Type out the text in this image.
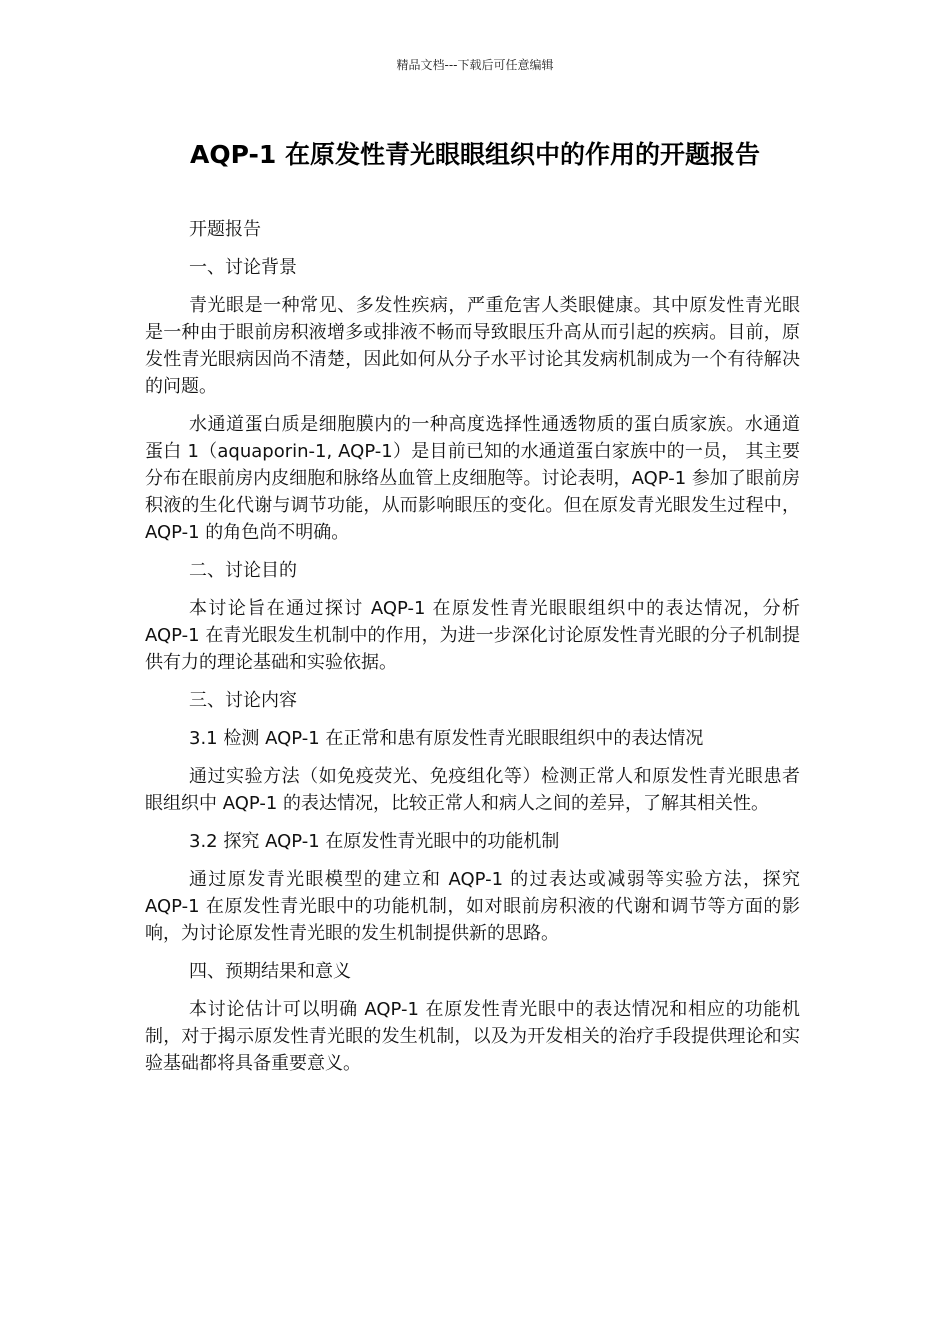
精品文档---下载后可任意编辑
AQP-1 在原发性青光眼眼组织中的作用的开题报告

开题报告

一、讨论背景

青光眼是一种常见、多发性疾病，严重危害人类眼健康。其中原发性青光眼是一种由于眼前房积液增多或排液不畅而导致眼压升高从而引起的疾病。目前，原发性青光眼病因尚不清楚，因此如何从分子水平讨论其发病机制成为一个有待解决的问题。

水通道蛋白质是细胞膜内的一种高度选择性通透物质的蛋白质家族。水通道蛋白 1（aquaporin-1, AQP-1）是目前已知的水通道蛋白家族中的一员， 其主要分布在眼前房内皮细胞和脉络丛血管上皮细胞等。讨论表明，AQP-1 参加了眼前房积液的生化代谢与调节功能，从而影响眼压的变化。但在原发青光眼发生过程中，AQP-1 的角色尚不明确。

二、讨论目的

本讨论旨在通过探讨 AQP-1 在原发性青光眼眼组织中的表达情况，分析 AQP-1 在青光眼发生机制中的作用，为进一步深化讨论原发性青光眼的分子机制提供有力的理论基础和实验依据。

三、讨论内容

3.1 检测 AQP-1 在正常和患有原发性青光眼眼组织中的表达情况

通过实验方法（如免疫荧光、免疫组化等）检测正常人和原发性青光眼患者眼组织中 AQP-1 的表达情况，比较正常人和病人之间的差异，了解其相关性。

3.2 探究 AQP-1 在原发性青光眼中的功能机制

通过原发青光眼模型的建立和 AQP-1 的过表达或减弱等实验方法，探究 AQP-1 在原发性青光眼中的功能机制，如对眼前房积液的代谢和调节等方面的影响，为讨论原发性青光眼的发生机制提供新的思路。

四、预期结果和意义

本讨论估计可以明确 AQP-1 在原发性青光眼中的表达情况和相应的功能机制，对于揭示原发性青光眼的发生机制，以及为开发相关的治疗手段提供理论和实验基础都将具备重要意义。
